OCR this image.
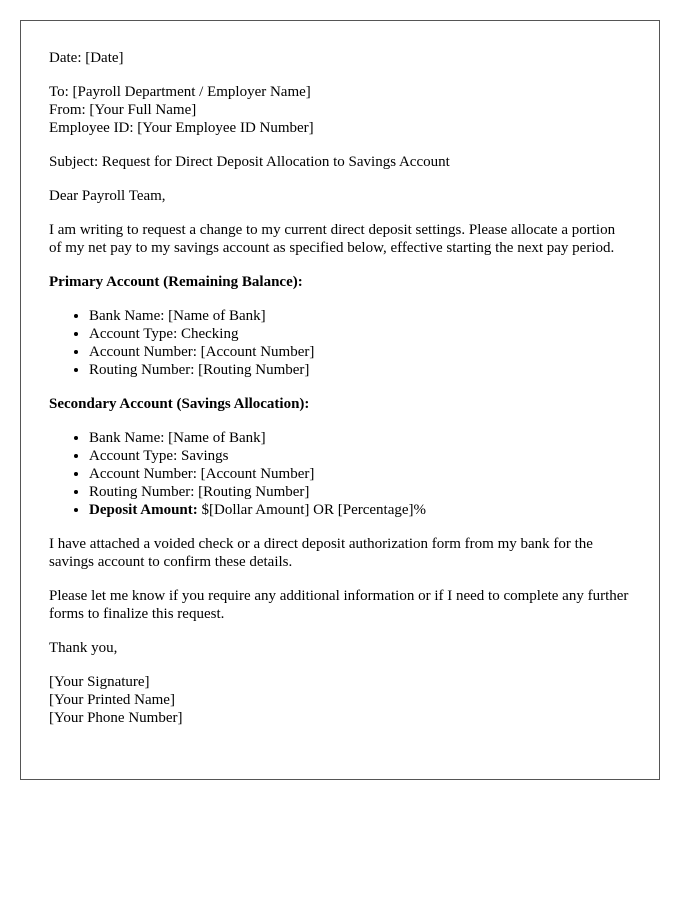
Date: [Date]

To: [Payroll Department / Employer Name]

From: [Your Full Name]

Employee ID: [Your Employee ID Number]

Subject: Request for Direct Deposit Allocation to Savings Account

Dear Payroll Team,

I am writing to request a change to my current direct deposit settings. Please allocate a portion of my net pay to my savings account as specified below, effective starting the next pay period.

Primary Account (Remaining Balance):

• Bank Name: [Name of Bank]
• Account Type: Checking
• Account Number: [Account Number]
• Routing Number: [Routing Number]

Secondary Account (Savings Allocation):

• Bank Name: [Name of Bank]
• Account Type: Savings
• Account Number: [Account Number]
• Routing Number: [Routing Number]
• Deposit Amount: $[Dollar Amount] OR [Percentage]%

I have attached a voided check or a direct deposit authorization form from my bank for the savings account to confirm these details.

Please let me know if you require any additional information or if I need to complete any further forms to finalize this request.

Thank you,

[Your Signature]

[Your Printed Name]

[Your Phone Number]
